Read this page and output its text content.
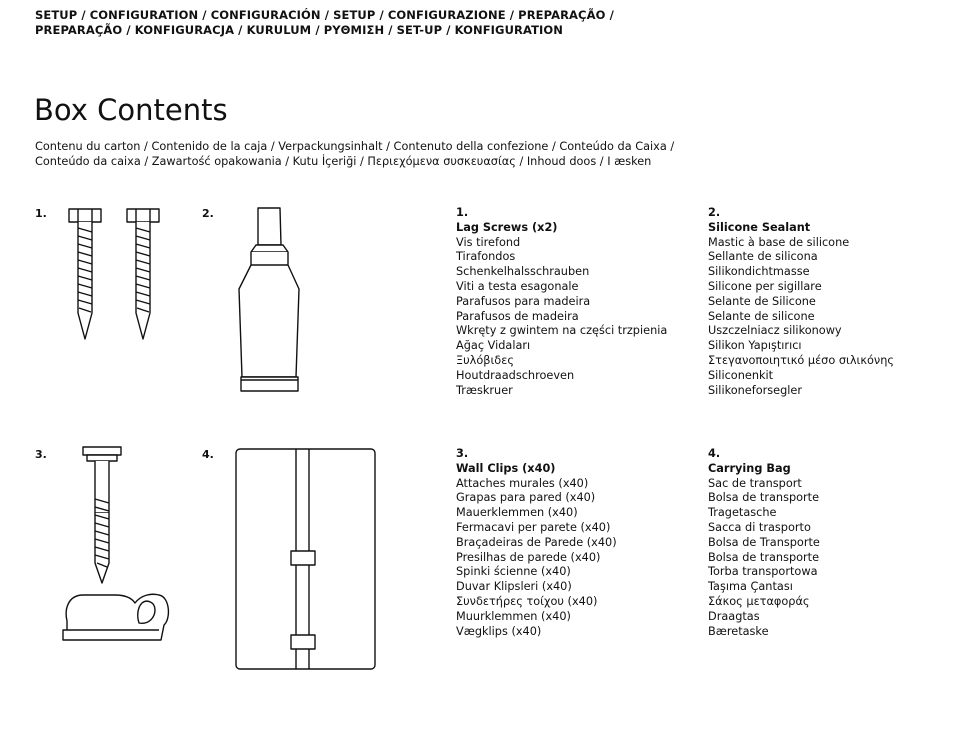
SETUP / CONFIGURATION / CONFIGURACIÓN / SETUP / CONFIGURAZIONE / PREPARAÇÃO /
PREPARAÇÃO / KONFIGURACJA / KURULUM / ΡΥΘΜΙΣΗ / SET-UP / KONFIGURATION
Box Contents
Contenu du carton / Contenido de la caja / Verpackungsinhalt / Contenuto della confezione / Conteúdo da Caixa /
Conteúdo da caixa / Zawartość opakowania / Kutu İçeriği / Περιεχόμενα συσκευασίας / Inhoud doos / I æsken
1.	2.
3.	4.
1.
Lag Screws (x2)
Vis tirefond
Tirafondos
Schenkelhalsschrauben
Viti a testa esagonale
Parafusos para madeira
Parafusos de madeira
Wkręty z gwintem na części trzpienia
Ağaç Vidaları
Ξυλόβιδες
Houtdraadschroeven
Træskruer
2.
Silicone Sealant
Mastic à base de silicone
Sellante de silicona
Silikondichtmasse
Silicone per sigillare
Selante de Silicone
Selante de silicone
Uszczelniacz silikonowy
Silikon Yapıştırıcı
Στεγανοποιητικό μέσο σιλικόνης
Siliconenkit
Silikoneforsegler
3.
Wall Clips (x40)
Attaches murales (x40)
Grapas para pared (x40)
Mauerklemmen (x40)
Fermacavi per parete (x40)
Braçadeiras de Parede (x40)
Presilhas de parede (x40)
Spinki ścienne (x40)
Duvar Klipsleri (x40)
Συνδετήρες τοίχου (x40)
Muurklemmen (x40)
Vægklips (x40)
4.
Carrying Bag
Sac de transport
Bolsa de transporte
Tragetasche
Sacca di trasporto
Bolsa de Transporte
Bolsa de transporte
Torba transportowa
Taşıma Çantası
Σάκος μεταφοράς
Draagtas
Bæretaske
